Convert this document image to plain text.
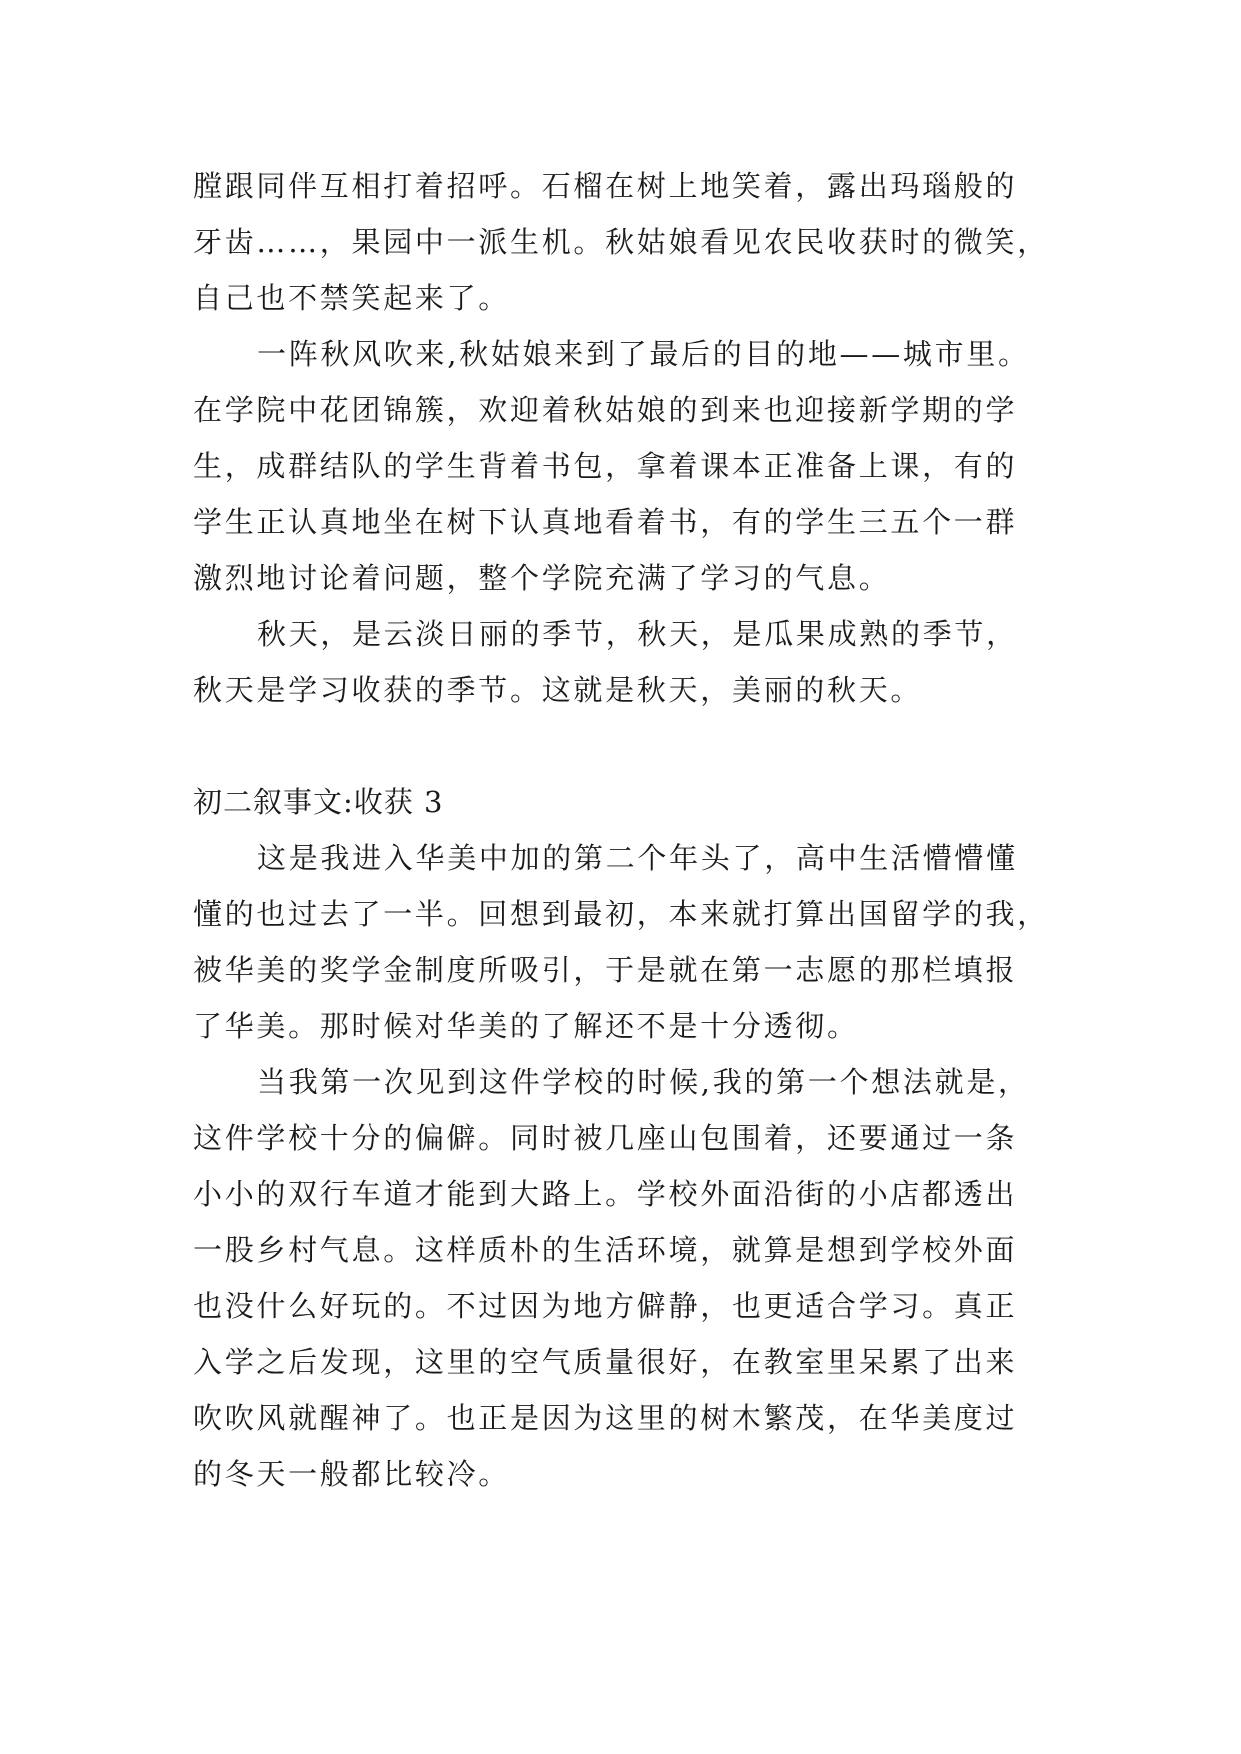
膛跟同伴互相打着招呼。石榴在树上地笑着，露出玛瑙般的
牙齿……，果园中一派生机。秋姑娘看见农民收获时的微笑，
自己也不禁笑起来了。
一阵秋风吹来,秋姑娘来到了最后的目的地——城市里。
在学院中花团锦簇，欢迎着秋姑娘的到来也迎接新学期的学
生，成群结队的学生背着书包，拿着课本正准备上课，有的
学生正认真地坐在树下认真地看着书，有的学生三五个一群
激烈地讨论着问题，整个学院充满了学习的气息。
秋天，是云淡日丽的季节，秋天，是瓜果成熟的季节，
秋天是学习收获的季节。这就是秋天，美丽的秋天。
初二叙事文:收获 3
这是我进入华美中加的第二个年头了，高中生活懵懵懂
懂的也过去了一半。回想到最初，本来就打算出国留学的我，
被华美的奖学金制度所吸引，于是就在第一志愿的那栏填报
了华美。那时候对华美的了解还不是十分透彻。
当我第一次见到这件学校的时候,我的第一个想法就是，
这件学校十分的偏僻。同时被几座山包围着，还要通过一条
小小的双行车道才能到大路上。学校外面沿街的小店都透出
一股乡村气息。这样质朴的生活环境，就算是想到学校外面
也没什么好玩的。不过因为地方僻静，也更适合学习。真正
入学之后发现，这里的空气质量很好，在教室里呆累了出来
吹吹风就醒神了。也正是因为这里的树木繁茂，在华美度过
的冬天一般都比较冷。
